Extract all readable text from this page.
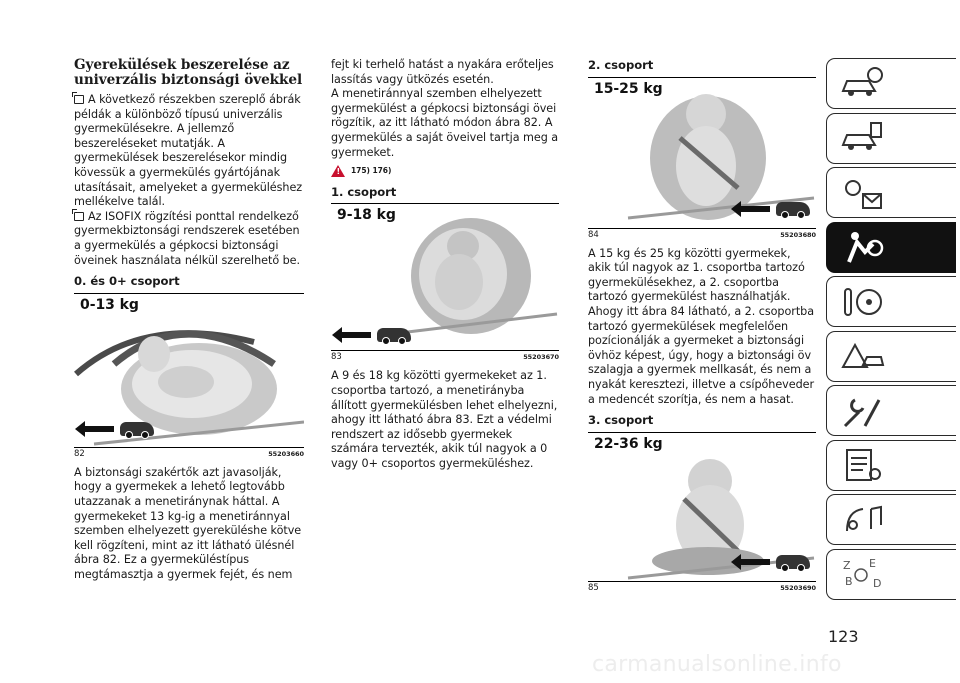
Gyerekülések beszerelése az univerzális biztonsági övekkel

A következő részekben szereplő ábrák példák a különböző típusú univerzális gyermekülésekre. A jellemző beszereléseket mutatják. A gyermekülések beszerelésekor mindig kövessük a gyermekülés gyártójának utasításait, amelyeket a gyermeküléshez mellékelve talál.

Az ISOFIX rögzítési ponttal rendelkező gyermekbiztonsági rendszerek esetében a gyermekülés a gépkocsi biztonsági öveinek használata nélkül szerelhető be.

0. és 0+ csoport
0-13 kg
82	55203660

A biztonsági szakértők azt javasolják, hogy a gyermekek a lehető legtovább utazzanak a menetiránynak háttal. A gyermekeket 13 kg-ig a menetiránnyal szemben elhelyezett gyereküléshe kötve kell rögzíteni, mint az itt látható ülésnél ábra 82. Ez a gyermeküléstípus megtámasztja a gyermek fejét, és nem

fejt ki terhelő hatást a nyakára erőteljes lassítás vagy ütközés esetén.

A menetiránnyal szemben elhelyezett gyermekülést a gépkocsi biztonsági övei rögzítik, az itt látható módon ábra 82. A gyermekülés a saját öveivel tartja meg a gyermeket.

! 175) 176)
1. csoport
9-18 kg
83	55203670

A 9 és 18 kg közötti gyermekeket az 1. csoportba tartozó, a menetirányba állított gyermekülésben lehet elhelyezni, ahogy itt látható ábra 83. Ezt a védelmi rendszert az idősebb gyermekek számára tervezték, akik túl nagyok a 0 vagy 0+ csoportos gyermeküléshez.

2. csoport
15-25 kg
84	55203680

A 15 kg és 25 kg közötti gyermekek, akik túl nagyok az 1. csoportba tartozó gyermekülésekhez, a 2. csoportba tartozó gyermekülést használhatják.

Ahogy itt ábra 84 látható, a 2. csoportba tartozó gyermekülések megfelelően pozícionálják a gyermeket a biztonsági övhöz képest, úgy, hogy a biztonsági öv szalagja a gyermek mellkasát, és nem a nyakát keresztezi, illetve a csípőheveder a medencét szorítja, és nem a hasat.

3. csoport
22-36 kg
85	55203690
Z E
B D
123
carmanualsonline.info
